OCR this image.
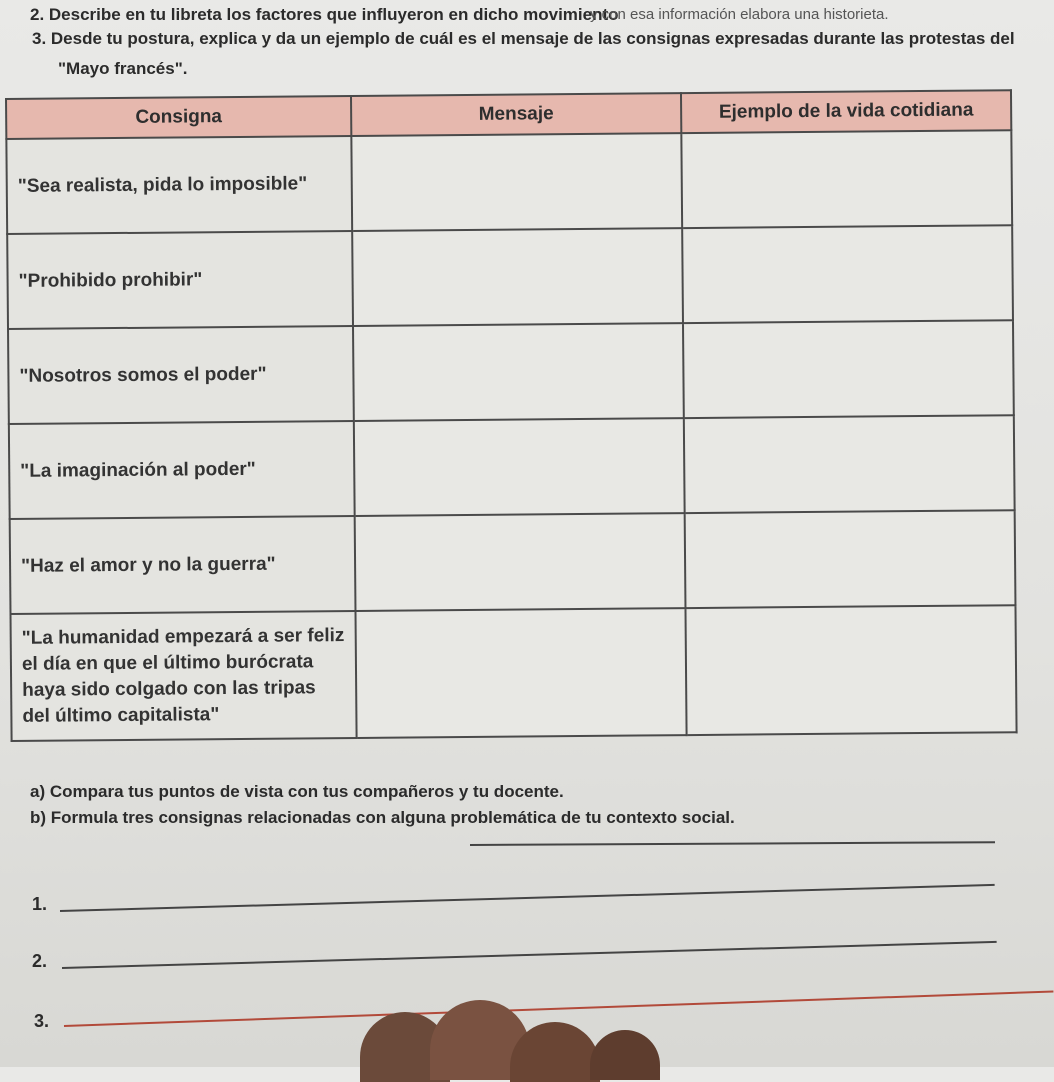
2. Describe en tu libreta los factores que influyeron en dicho movimiento
y con esa información elabora una historieta.
3. Desde tu postura, explica y da un ejemplo de cuál es el mensaje de las consignas expresadas durante las protestas del
"Mayo francés".
Consigna	Mensaje	Ejemplo de la vida cotidiana

"Sea realista, pida lo imposible"		

"Prohibido prohibir"		

"Nosotros somos el poder"		

"La imaginación al poder"		

"Haz el amor y no la guerra"		

"La humanidad empezará a ser feliz el día en que el último burócrata haya sido colgado con las tripas del último capitalista"		

a) Compara tus puntos de vista con tus compañeros y tu docente.
b) Formula tres consignas relacionadas con alguna problemática de tu contexto social.
1.
2.
3.
